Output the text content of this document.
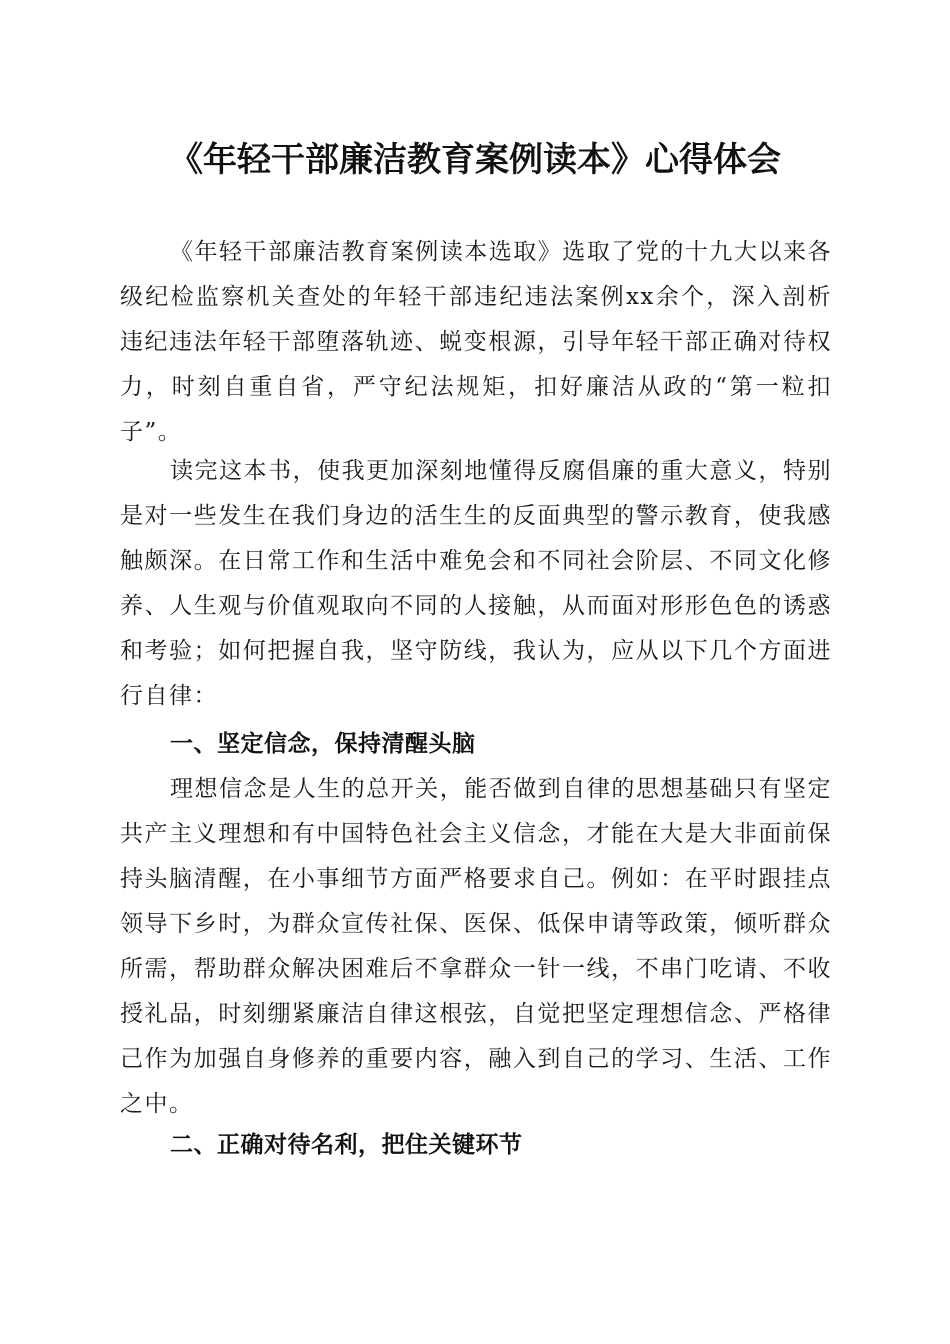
《年轻干部廉洁教育案例读本》心得体会

《年轻干部廉洁教育案例读本选取》选取了党的十九大以来各级纪检监察机关查处的年轻干部违纪违法案例xx余个，深入剖析违纪违法年轻干部堕落轨迹、蜕变根源，引导年轻干部正确对待权力，时刻自重自省，严守纪法规矩，扣好廉洁从政的“第一粒扣子”。

读完这本书，使我更加深刻地懂得反腐倡廉的重大意义，特别是对一些发生在我们身边的活生生的反面典型的警示教育，使我感触颇深。在日常工作和生活中难免会和不同社会阶层、不同文化修养、人生观与价值观取向不同的人接触，从而面对形形色色的诱惑和考验；如何把握自我，坚守防线，我认为，应从以下几个方面进行自律：

一、坚定信念，保持清醒头脑

理想信念是人生的总开关，能否做到自律的思想基础只有坚定共产主义理想和有中国特色社会主义信念，才能在大是大非面前保持头脑清醒，在小事细节方面严格要求自己。例如：在平时跟挂点领导下乡时，为群众宣传社保、医保、低保申请等政策，倾听群众所需，帮助群众解决困难后不拿群众一针一线，不串门吃请、不收授礼品，时刻绷紧廉洁自律这根弦，自觉把坚定理想信念、严格律己作为加强自身修养的重要内容，融入到自己的学习、生活、工作之中。

二、正确对待名利，把住关键环节
